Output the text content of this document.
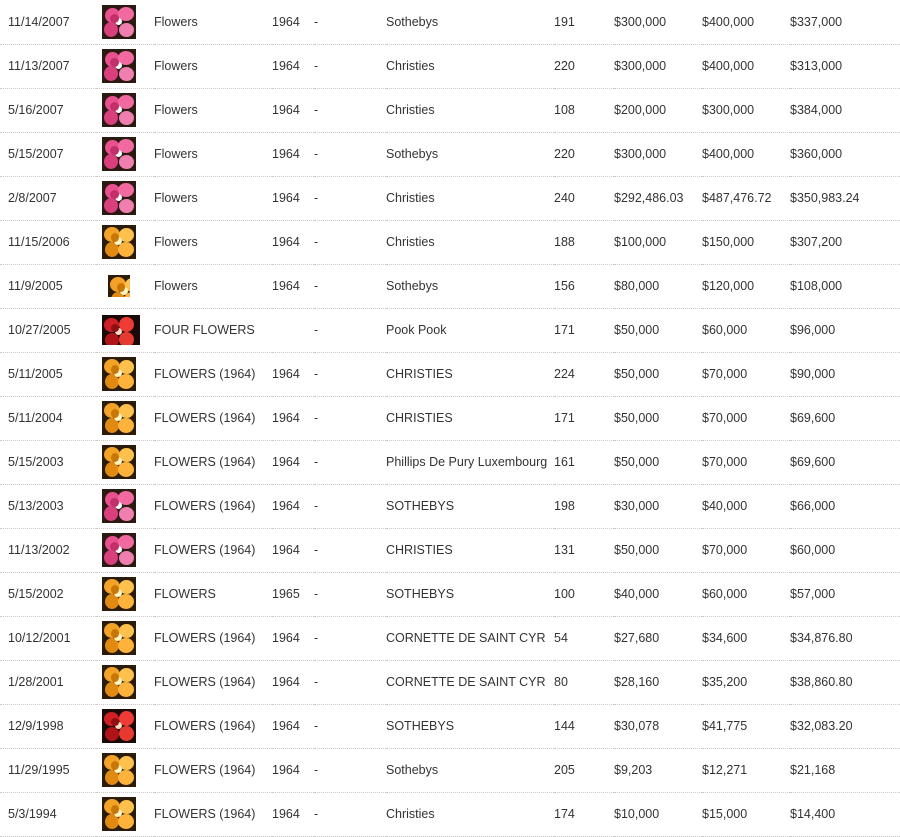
11/14/2007		Flowers	1964	-	Sothebys	191	$300,000	$400,000	$337,000
11/13/2007		Flowers	1964	-	Christies	220	$300,000	$400,000	$313,000
5/16/2007		Flowers	1964	-	Christies	108	$200,000	$300,000	$384,000
5/15/2007		Flowers	1964	-	Sothebys	220	$300,000	$400,000	$360,000
2/8/2007		Flowers	1964	-	Christies	240	$292,486.03	$487,476.72	$350,983.24
11/15/2006		Flowers	1964	-	Christies	188	$100,000	$150,000	$307,200
11/9/2005		Flowers	1964	-	Sothebys	156	$80,000	$120,000	$108,000
10/27/2005		FOUR FLOWERS		-	Pook Pook	171	$50,000	$60,000	$96,000
5/11/2005		FLOWERS (1964)	1964	-	CHRISTIES	224	$50,000	$70,000	$90,000
5/11/2004		FLOWERS (1964)	1964	-	CHRISTIES	171	$50,000	$70,000	$69,600
5/15/2003		FLOWERS (1964)	1964	-	Phillips De Pury Luxembourg	161	$50,000	$70,000	$69,600
5/13/2003		FLOWERS (1964)	1964	-	SOTHEBYS	198	$30,000	$40,000	$66,000
11/13/2002		FLOWERS (1964)	1964	-	CHRISTIES	131	$50,000	$70,000	$60,000
5/15/2002		FLOWERS	1965	-	SOTHEBYS	100	$40,000	$60,000	$57,000
10/12/2001		FLOWERS (1964)	1964	-	CORNETTE DE SAINT CYR	54	$27,680	$34,600	$34,876.80
1/28/2001		FLOWERS (1964)	1964	-	CORNETTE DE SAINT CYR	80	$28,160	$35,200	$38,860.80
12/9/1998		FLOWERS (1964)	1964	-	SOTHEBYS	144	$30,078	$41,775	$32,083.20
11/29/1995		FLOWERS (1964)	1964	-	Sothebys	205	$9,203	$12,271	$21,168
5/3/1994		FLOWERS (1964)	1964	-	Christies	174	$10,000	$15,000	$14,400
